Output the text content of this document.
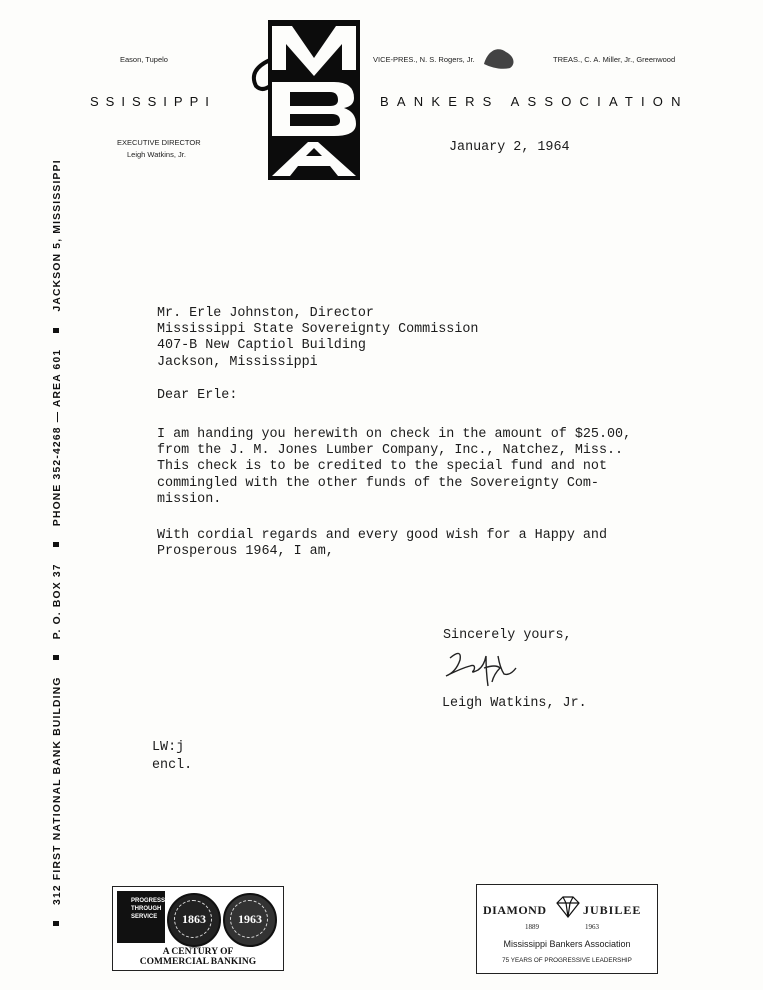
Eason, Tupelo	VICE-PRES., N. S. Rogers, Jr.	TREAS., C. A. Miller, Jr., Greenwood
SSISSIPPI	BANKERS ASSOCIATION
EXECUTIVE DIRECTOR
Leigh Watkins, Jr.
312 FIRST NATIONAL BANK BUILDING  P. O. BOX 37  PHONE 352-4268 — AREA 601  JACKSON 5, MISSISSIPPI
January 2, 1964
Mr. Erle Johnston, Director
Mississippi State Sovereignty Commission
407-B New Captiol Building
Jackson, Mississippi
Dear Erle:
I am handing you herewith on check in the amount of $25.00,
from the J. M. Jones Lumber Company, Inc., Natchez, Miss..
This check is to be credited to the special fund and not
commingled with the other funds of the Sovereignty Com-
mission.
With cordial regards and every good wish for a Happy and
Prosperous 1964, I am,
Sincerely yours,
Leigh Watkins, Jr.
LW:j
encl.
PROGRESS
THROUGH
SERVICE	1863	1963
A CENTURY OF
COMMERCIAL BANKING
DIAMOND	JUBILEE
1889	1963
Mississippi Bankers Association
75 YEARS OF PROGRESSIVE LEADERSHIP
